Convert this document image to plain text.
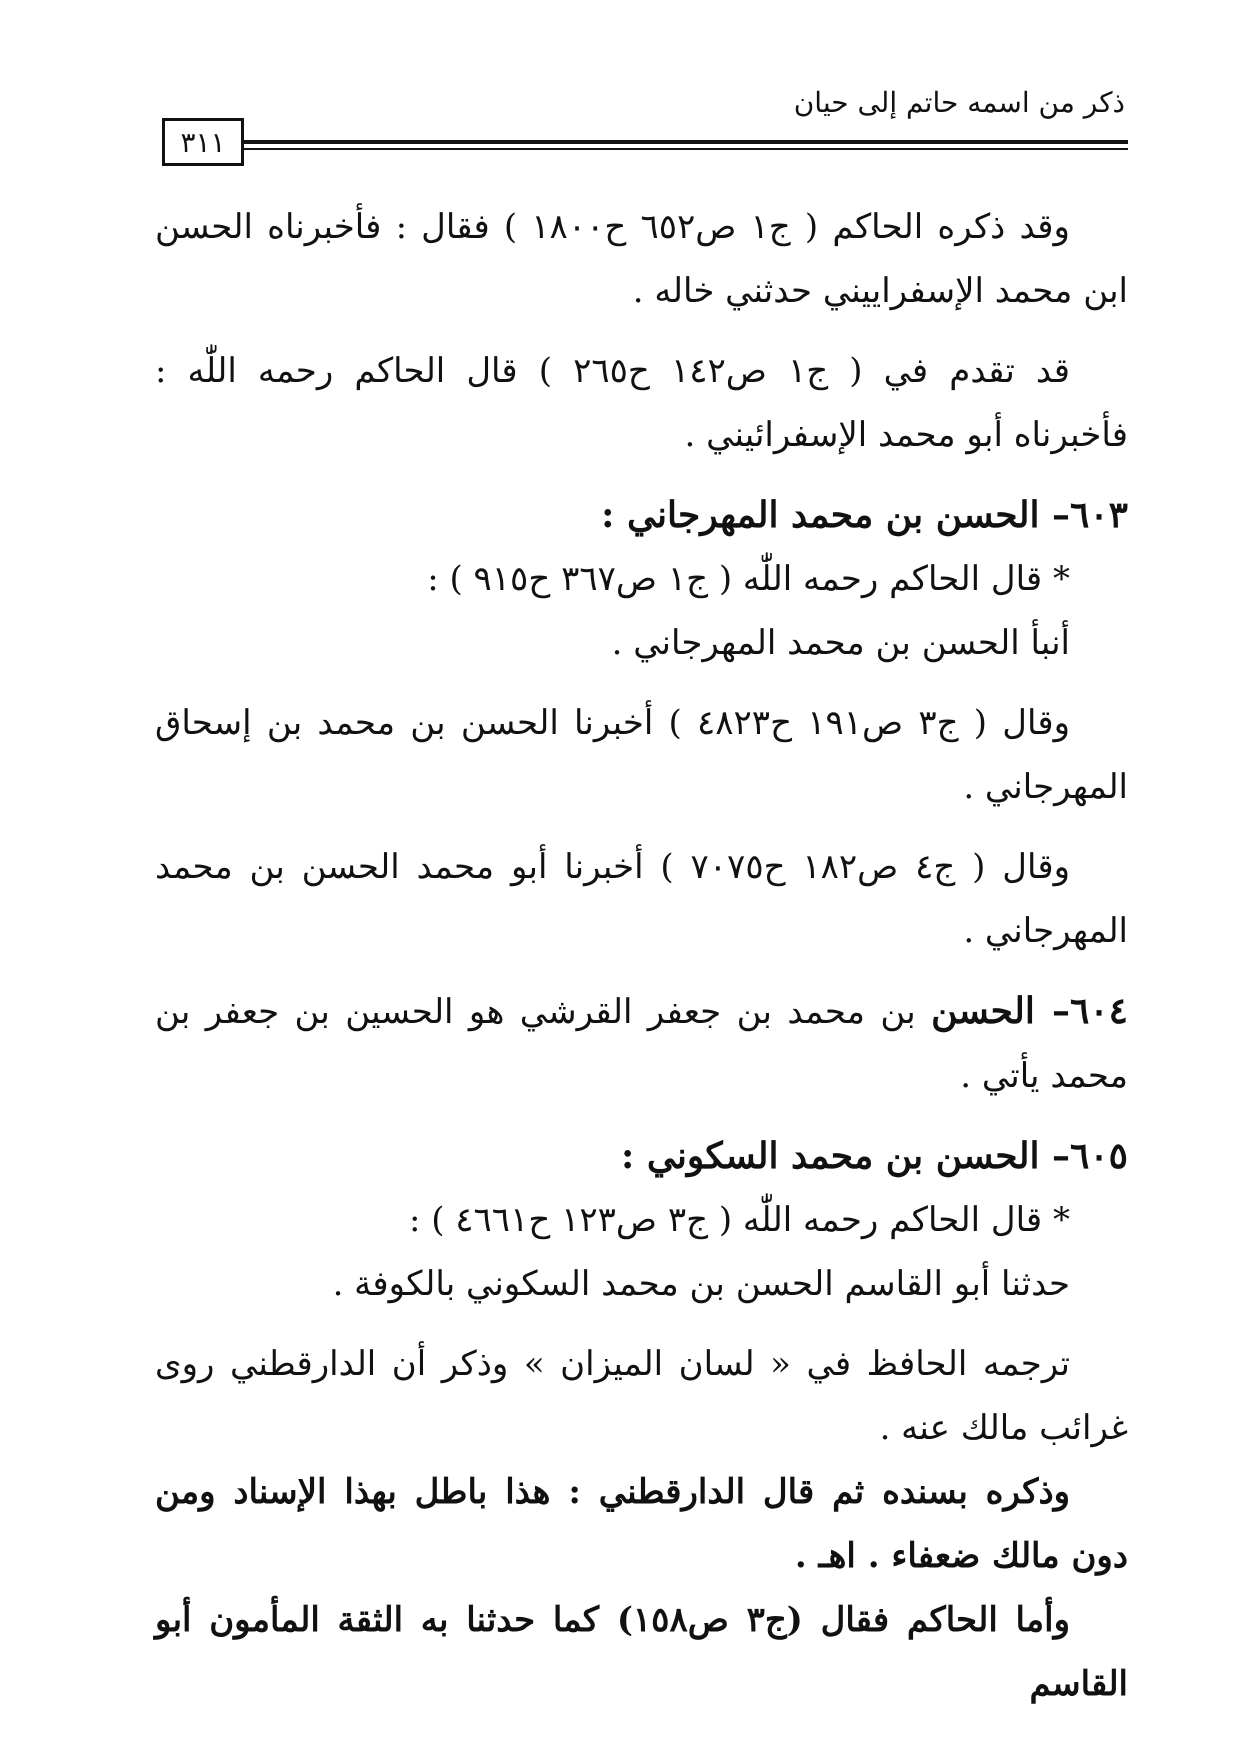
ذكر من اسمه حاتم إلى حيان
٣١١

وقد ذكره الحاكم ( ج١ ص٦٥٢ ح١٨٠٠ ) فقال : فأخبرناه الحسن ابن محمد الإسفراييني حدثني خاله .

قد تقدم في ( ج١ ص١٤٢ ح٢٦٥ ) قال الحاكم رحمه اللّٰه : فأخبرناه أبو محمد الإسفرائيني .

٦٠٣– الحسن بن محمد المهرجاني :

* قال الحاكم رحمه اللّٰه ( ج١ ص٣٦٧ ح٩١٥ ) :

أنبأ الحسن بن محمد المهرجاني .

وقال ( ج٣ ص١٩١ ح٤٨٢٣ ) أخبرنا الحسن بن محمد بن إسحاق المهرجاني .

وقال ( ج٤ ص١٨٢ ح٧٠٧٥ ) أخبرنا أبو محمد الحسن بن محمد المهرجاني .

٦٠٤– الحسن بن محمد بن جعفر القرشي هو الحسين بن جعفر بن محمد يأتي .

٦٠٥– الحسن بن محمد السكوني :

* قال الحاكم رحمه اللّٰه ( ج٣ ص١٢٣ ح٤٦٦١ ) :

حدثنا أبو القاسم الحسن بن محمد السكوني بالكوفة .

ترجمه الحافظ في « لسان الميزان » وذكر أن الدارقطني روى غرائب مالك عنه .

وذكره بسنده ثم قال الدارقطني : هذا باطل بهذا الإسناد ومن دون مالك ضعفاء . اهـ .

وأما الحاكم فقال (ج٣ ص١٥٨) كما حدثنا به الثقة المأمون أبو القاسم
